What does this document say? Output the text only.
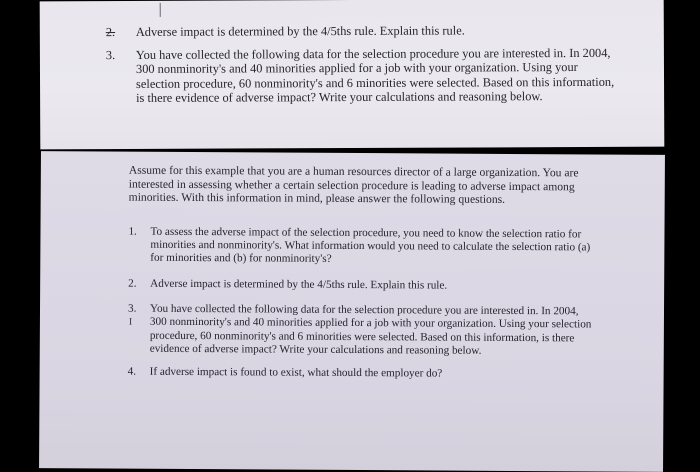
2. Adverse impact is determined by the 4/5ths rule. Explain this rule.
3. You have collected the following data for the selection procedure you are interested in. In 2004, 300 nonminority's and 40 minorities applied for a job with your organization. Using your selection procedure, 60 nonminority's and 6 minorities were selected. Based on this information, is there evidence of adverse impact? Write your calculations and reasoning below.

Assume for this example that you are a human resources director of a large organization. You are interested in assessing whether a certain selection procedure is leading to adverse impact among minorities. With this information in mind, please answer the following questions.

1. To assess the adverse impact of the selection procedure, you need to know the selection ratio for minorities and nonminority's. What information would you need to calculate the selection ratio (a) for minorities and (b) for nonminority's?
2. Adverse impact is determined by the 4/5ths rule. Explain this rule.
3.
I
You have collected the following data for the selection procedure you are interested in. In 2004, 300 nonminority's and 40 minorities applied for a job with your organization. Using your selection procedure, 60 nonminority's and 6 minorities were selected. Based on this information, is there evidence of adverse impact? Write your calculations and reasoning below.
4. If adverse impact is found to exist, what should the employer do?
